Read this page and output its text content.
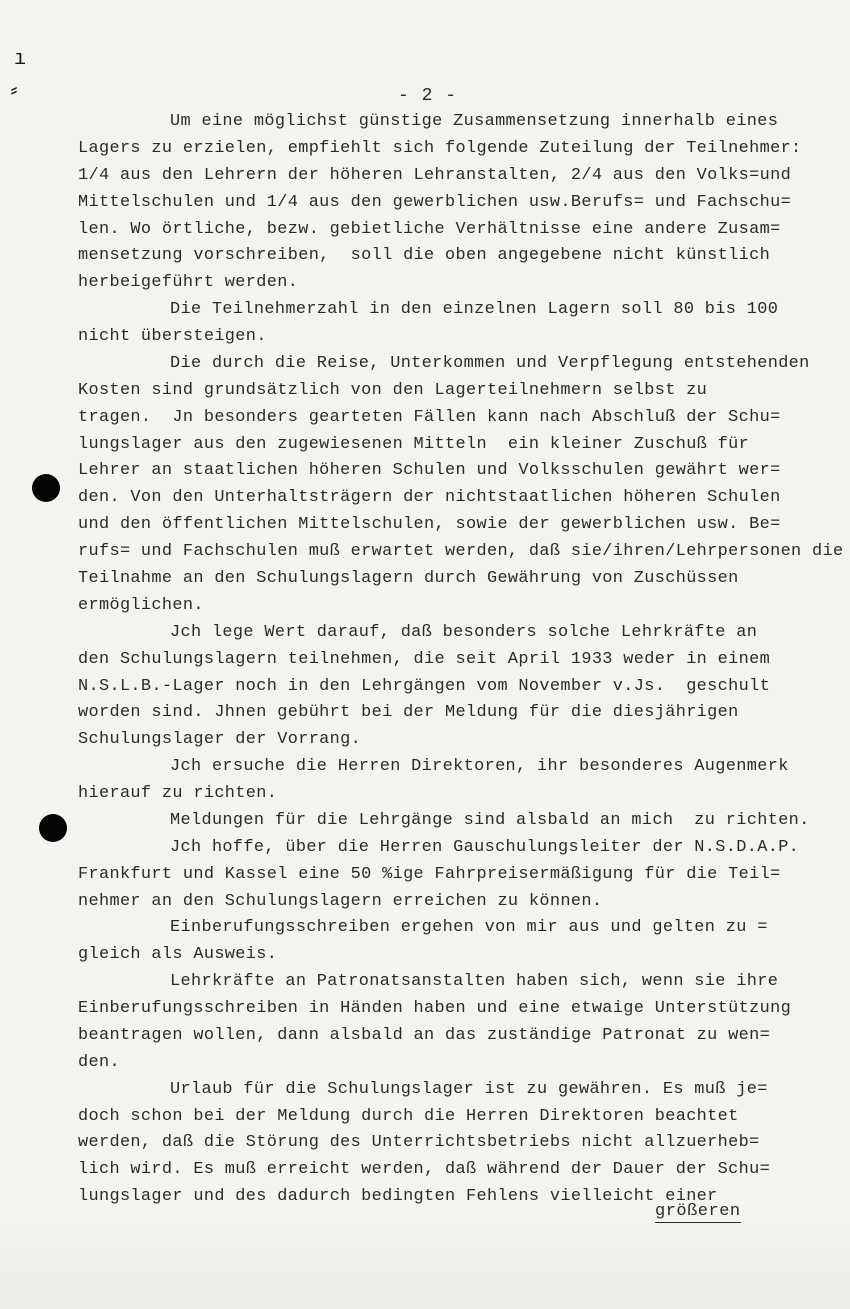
ı
⸗	- 2 -
Um eine möglichst günstige Zusammensetzung innerhalb eines
Lagers zu erzielen, empfiehlt sich folgende Zuteilung der Teilnehmer:
1/4 aus den Lehrern der höheren Lehranstalten, 2/4 aus den Volks=und
Mittelschulen und 1/4 aus den gewerblichen usw.Berufs= und Fachschu=
len. Wo örtliche, bezw. gebietliche Verhältnisse eine andere Zusam=
mensetzung vorschreiben,  soll die oben angegebene nicht künstlich
herbeigeführt werden.
Die Teilnehmerzahl in den einzelnen Lagern soll 80 bis 100
nicht übersteigen.
Die durch die Reise, Unterkommen und Verpflegung entstehenden
Kosten sind grundsätzlich von den Lagerteilnehmern selbst zu
tragen.  Jn besonders gearteten Fällen kann nach Abschluß der Schu=
lungslager aus den zugewiesenen Mitteln  ein kleiner Zuschuß für
Lehrer an staatlichen höheren Schulen und Volksschulen gewährt wer=
den. Von den Unterhaltsträgern der nichtstaatlichen höheren Schulen
und den öffentlichen Mittelschulen, sowie der gewerblichen usw. Be=
rufs= und Fachschulen muß erwartet werden, daß sie/ihren/Lehrpersonen die
Teilnahme an den Schulungslagern durch Gewährung von Zuschüssen
ermöglichen.
Jch lege Wert darauf, daß besonders solche Lehrkräfte an
den Schulungslagern teilnehmen, die seit April 1933 weder in einem
N.S.L.B.-Lager noch in den Lehrgängen vom November v.Js.  geschult
worden sind. Jhnen gebührt bei der Meldung für die diesjährigen
Schulungslager der Vorrang.
Jch ersuche die Herren Direktoren, ihr besonderes Augenmerk
hierauf zu richten.
Meldungen für die Lehrgänge sind alsbald an mich  zu richten.
Jch hoffe, über die Herren Gauschulungsleiter der N.S.D.A.P.
Frankfurt und Kassel eine 50 %ige Fahrpreisermäßigung für die Teil=
nehmer an den Schulungslagern erreichen zu können.
Einberufungsschreiben ergehen von mir aus und gelten zu =
gleich als Ausweis.
Lehrkräfte an Patronatsanstalten haben sich, wenn sie ihre
Einberufungsschreiben in Händen haben und eine etwaige Unterstützung
beantragen wollen, dann alsbald an das zuständige Patronat zu wen=
den.
Urlaub für die Schulungslager ist zu gewähren. Es muß je=
doch schon bei der Meldung durch die Herren Direktoren beachtet
werden, daß die Störung des Unterrichtsbetriebs nicht allzuerheb=
lich wird. Es muß erreicht werden, daß während der Dauer der Schu=
lungslager und des dadurch bedingten Fehlens vielleicht einer
größeren
